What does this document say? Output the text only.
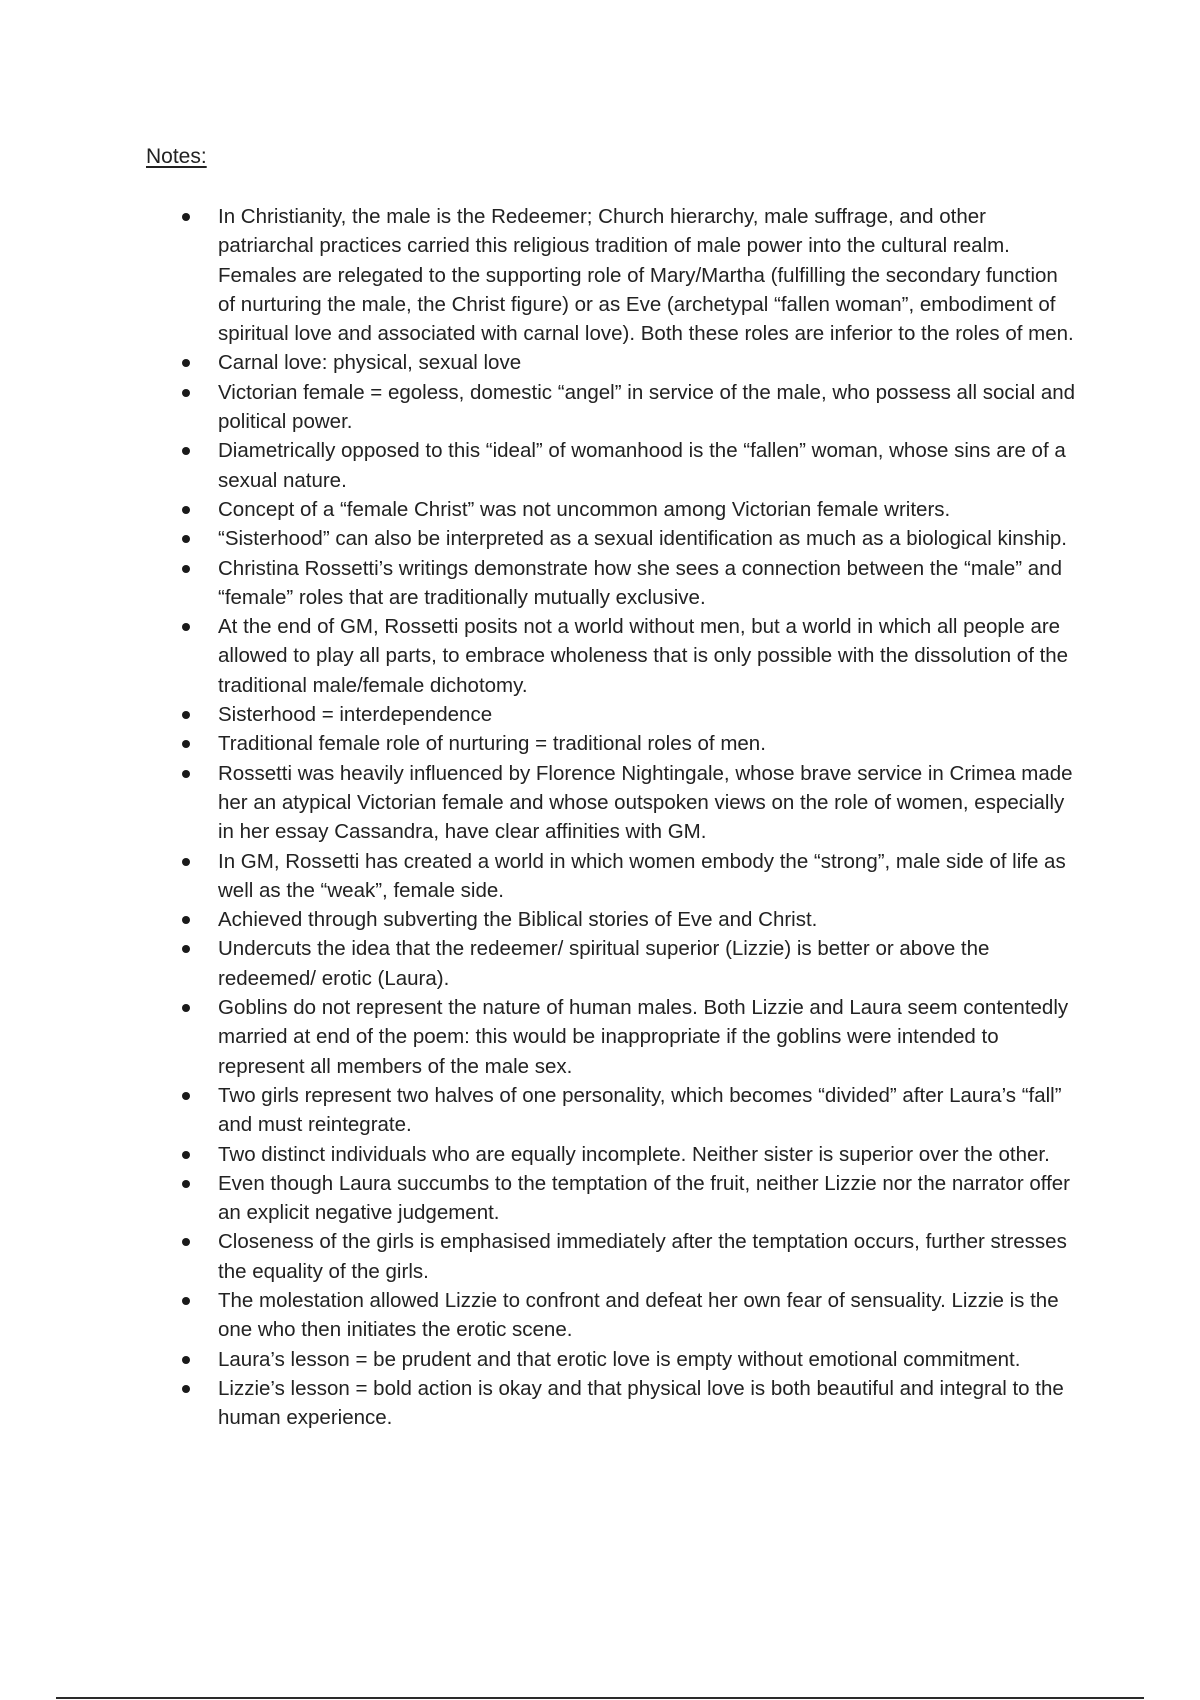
Notes:
In Christianity, the male is the Redeemer; Church hierarchy, male suffrage, and other patriarchal practices carried this religious tradition of male power into the cultural realm. Females are relegated to the supporting role of Mary/Martha (fulfilling the secondary function of nurturing the male, the Christ figure) or as Eve (archetypal “fallen woman”, embodiment of spiritual love and associated with carnal love). Both these roles are inferior to the roles of men.
Carnal love: physical, sexual love
Victorian female = egoless, domestic “angel” in service of the male, who possess all social and political power.
Diametrically opposed to this “ideal” of womanhood is the “fallen” woman, whose sins are of a sexual nature.
Concept of a “female Christ” was not uncommon among Victorian female writers.
“Sisterhood” can also be interpreted as a sexual identification as much as a biological kinship.
Christina Rossetti’s writings demonstrate how she sees a connection between the “male” and “female” roles that are traditionally mutually exclusive.
At the end of GM, Rossetti posits not a world without men, but a world in which all people are allowed to play all parts, to embrace wholeness that is only possible with the dissolution of the traditional male/female dichotomy.
Sisterhood = interdependence
Traditional female role of nurturing = traditional roles of men.
Rossetti was heavily influenced by Florence Nightingale, whose brave service in Crimea made her an atypical Victorian female and whose outspoken views on the role of women, especially in her essay Cassandra, have clear affinities with GM.
In GM, Rossetti has created a world in which women embody the “strong”, male side of life as well as the “weak”, female side.
Achieved through subverting the Biblical stories of Eve and Christ.
Undercuts the idea that the redeemer/ spiritual superior (Lizzie) is better or above the redeemed/ erotic (Laura).
Goblins do not represent the nature of human males. Both Lizzie and Laura seem contentedly married at end of the poem: this would be inappropriate if the goblins were intended to represent all members of the male sex.
Two girls represent two halves of one personality, which becomes “divided” after Laura’s “fall” and must reintegrate.
Two distinct individuals who are equally incomplete. Neither sister is superior over the other.
Even though Laura succumbs to the temptation of the fruit, neither Lizzie nor the narrator offer an explicit negative judgement.
Closeness of the girls is emphasised immediately after the temptation occurs, further stresses the equality of the girls.
The molestation allowed Lizzie to confront and defeat her own fear of sensuality. Lizzie is the one who then initiates the erotic scene.
Laura’s lesson = be prudent and that erotic love is empty without emotional commitment.
Lizzie’s lesson = bold action is okay and that physical love is both beautiful and integral to the human experience.
